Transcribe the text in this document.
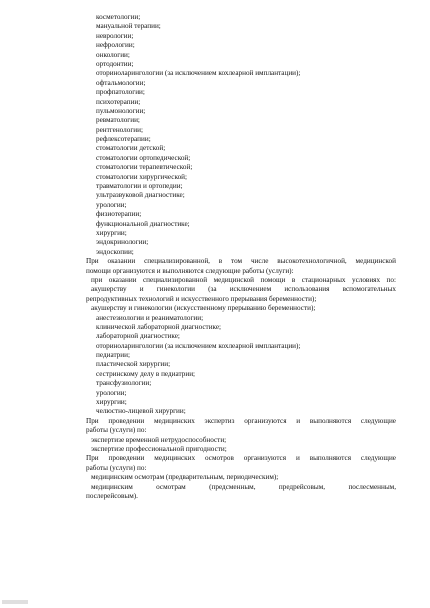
косметологии;
мануальной терапии;
неврологии;
нефрологии;
онкологии;
ортодонтии;
оториноларингологии (за исключением кохлеарной имплантации);
офтальмологии;
профпатологии;
психотерапии;
пульмонологии;
ревматологии;
рентгенологии;
рефлексотерапии;
стоматологии детской;
стоматологии ортопедической;
стоматологии терапевтической;
стоматологии хирургической;
травматологии и ортопедии;
ультразвуковой диагностике;
урологии;
физиотерапии;
функциональной диагностике;
хирургии;
эндокринологии;
эндоскопии;
При оказании специализированной, в том числе высокотехнологичной, медицинской
помощи организуются и выполняются следующие работы (услуги):
при оказании специализированной медицинской помощи в стационарных условиях по:
акушерству и гинекологии (за исключением использования вспомогательных
репродуктивных технологий и искусственного прерывания беременности);
акушерству и гинекологии (искусственному прерыванию беременности);
анестезиологии и реаниматологии;
клинической лабораторной диагностике;
лабораторной диагностике;
оториноларингологии (за исключением кохлеарной имплантации);
педиатрии;
пластической хирургии;
сестринскому делу в педиатрии;
трансфузиологии;
урологии;
хирургии;
челюстно-лицевой хирургии;
При проведении медицинских экспертиз организуются и выполняются следующие
работы (услуги) по:
экспертизе временной нетрудоспособности;
экспертизе профессиональной пригодности;
При проведении медицинских осмотров организуются и выполняются следующие
работы (услуги) по:
медицинским осмотрам (предварительным, периодическим);
медицинским осмотрам (предсменным, предрейсовым, послесменным,
послерейсовым).
